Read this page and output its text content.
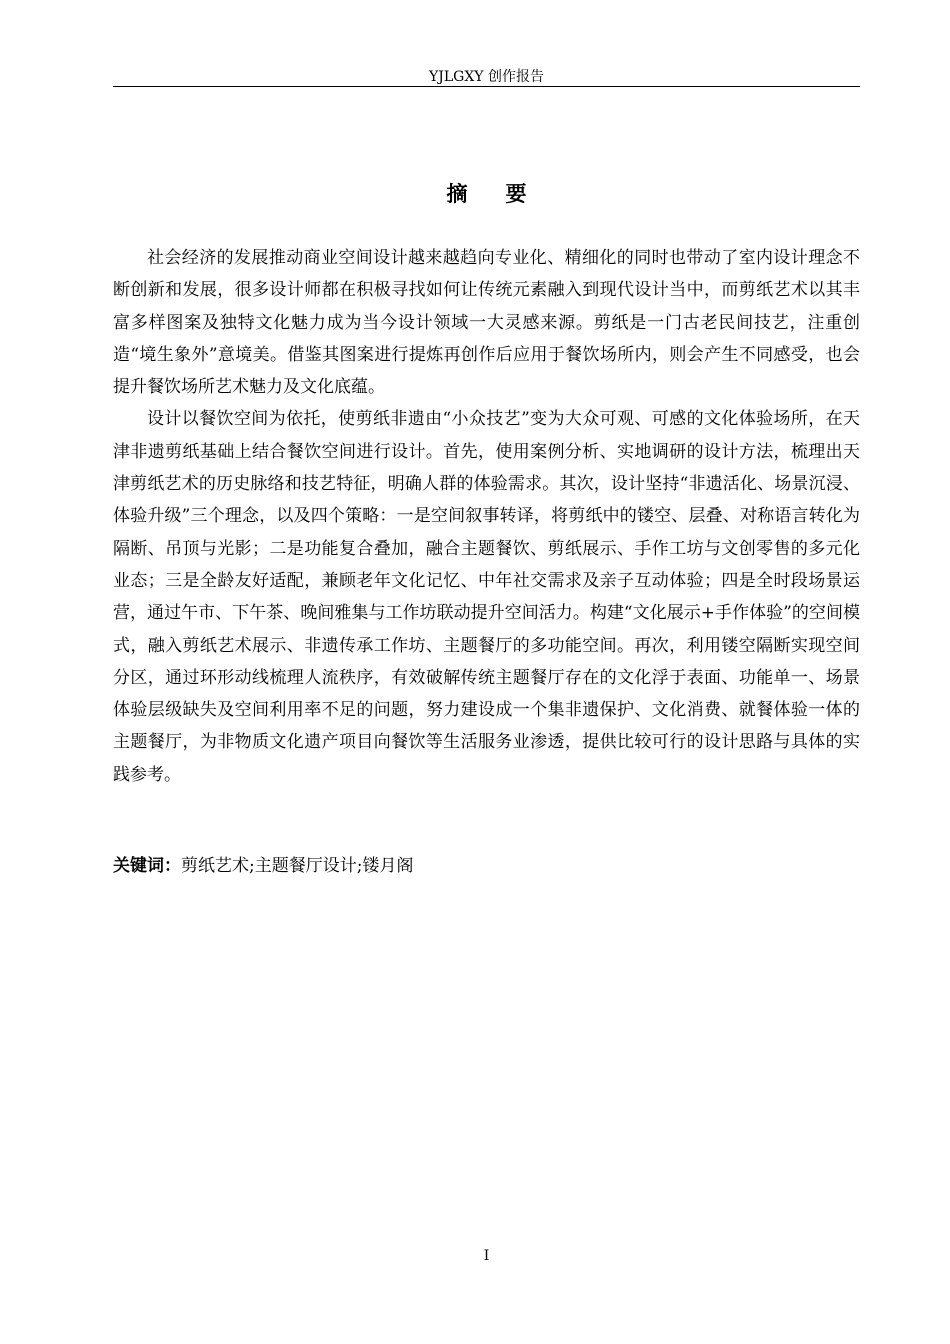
YJLGXY 创作报告
摘要

社会经济的发展推动商业空间设计越来越趋向专业化、精细化的同时也带动了室内设计理念不断创新和发展，很多设计师都在积极寻找如何让传统元素融入到现代设计当中，而剪纸艺术以其丰富多样图案及独特文化魅力成为当今设计领域一大灵感来源。剪纸是一门古老民间技艺，注重创造“境生象外”意境美。借鉴其图案进行提炼再创作后应用于餐饮场所内，则会产生不同感受，也会提升餐饮场所艺术魅力及文化底蕴。

设计以餐饮空间为依托，使剪纸非遗由“小众技艺”变为大众可观、可感的文化体验场所，在天津非遗剪纸基础上结合餐饮空间进行设计。首先，使用案例分析、实地调研的设计方法，梳理出天津剪纸艺术的历史脉络和技艺特征，明确人群的体验需求。其次，设计坚持“非遗活化、场景沉浸、体验升级”三个理念，以及四个策略：一是空间叙事转译，将剪纸中的镂空、层叠、对称语言转化为隔断、吊顶与光影；二是功能复合叠加，融合主题餐饮、剪纸展示、手作工坊与文创零售的多元化业态；三是全龄友好适配，兼顾老年文化记忆、中年社交需求及亲子互动体验；四是全时段场景运营，通过午市、下午茶、晚间雅集与工作坊联动提升空间活力。构建“文化展示+手作体验”的空间模式，融入剪纸艺术展示、非遗传承工作坊、主题餐厅的多功能空间。再次，利用镂空隔断实现空间分区，通过环形动线梳理人流秩序，有效破解传统主题餐厅存在的文化浮于表面、功能单一、场景体验层级缺失及空间利用率不足的问题，努力建设成一个集非遗保护、文化消费、就餐体验一体的主题餐厅，为非物质文化遗产项目向餐饮等生活服务业渗透，提供比较可行的设计思路与具体的实践参考。

关键词：剪纸艺术;主题餐厅设计;镂月阁
I
